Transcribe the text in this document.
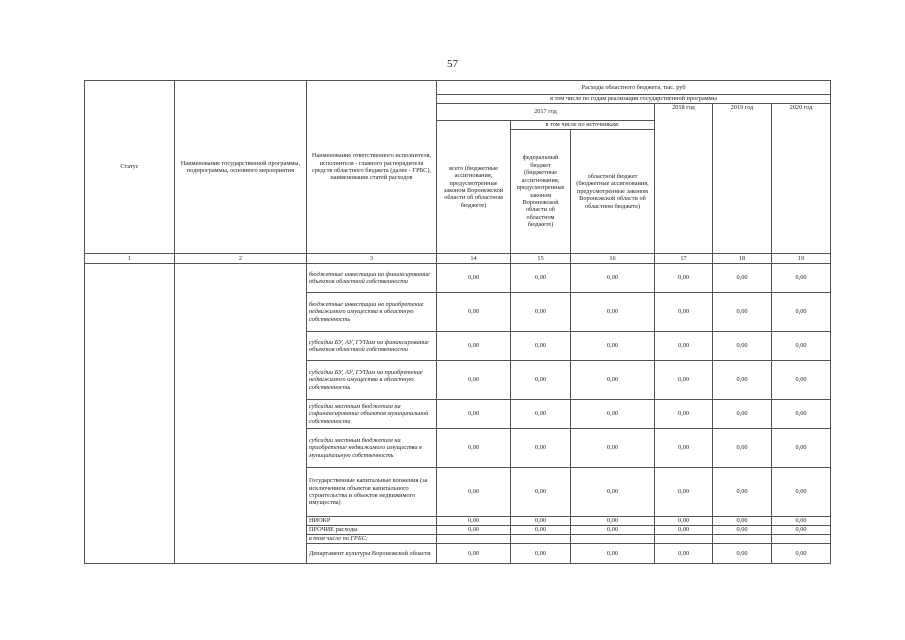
57
Статус	Наименование государственной программы, подпрограммы, основного мероприятия	Наименование ответственного исполнителя, исполнителя - главного распорядителя средств областного бюджета (далее - ГРБС), наименование статей расходов	Расходы областного бюджета, тыс. руб					
			в том числе по годам реализации государственной программы					
			2017 год			2018 год	2019 год	2020 год
			всего (бюджетные ассигнования, предусмотренные законом Воронежской области об областном бюджете)	в том числе по источникам:				
				федеральный бюджет (бюджетные ассигнования, предусмотренные законом Воронежской области об областном бюджете)	областной бюджет (бюджетные ассигнования, предусмотренные законом Воронежской области об областном бюджете)			
1	2	3	14	15	16	17	18	19
		бюджетные инвестиции на финансирование объектов областной собственности	0,00	0,00	0,00	0,00	0,00	0,00
		бюджетные инвестиции на приобретение недвижимого имущества в областную собственность	0,00	0,00	0,00	0,00	0,00	0,00
		субсидии БУ, АУ, ГУПам на финансирование объектов областной собственности	0,00	0,00	0,00	0,00	0,00	0,00
		субсидии БУ, АУ, ГУПам на приобретение недвижимого имущества в областную собственность	0,00	0,00	0,00	0,00	0,00	0,00
		субсидии местным бюджетам на софинансирование объектов муниципальной собственности	0,00	0,00	0,00	0,00	0,00	0,00
		субсидии местным бюджетам на приобретение недвижимого имущества в муниципальную собственность	0,00	0,00	0,00	0,00	0,00	0,00
		Государственные капитальные вложения (за исключением объектов капитального строительства и объектов недвижимого имущества)	0,00	0,00	0,00	0,00	0,00	0,00
		НИОКР	0,00	0,00	0,00	0,00	0,00	0,00
		ПРОЧИЕ расходы	0,00	0,00	0,00	0,00	0,00	0,00
		в том числе по ГРБС:						
		Департамент культуры Воронежской области	0,00	0,00	0,00	0,00	0,00	0,00
